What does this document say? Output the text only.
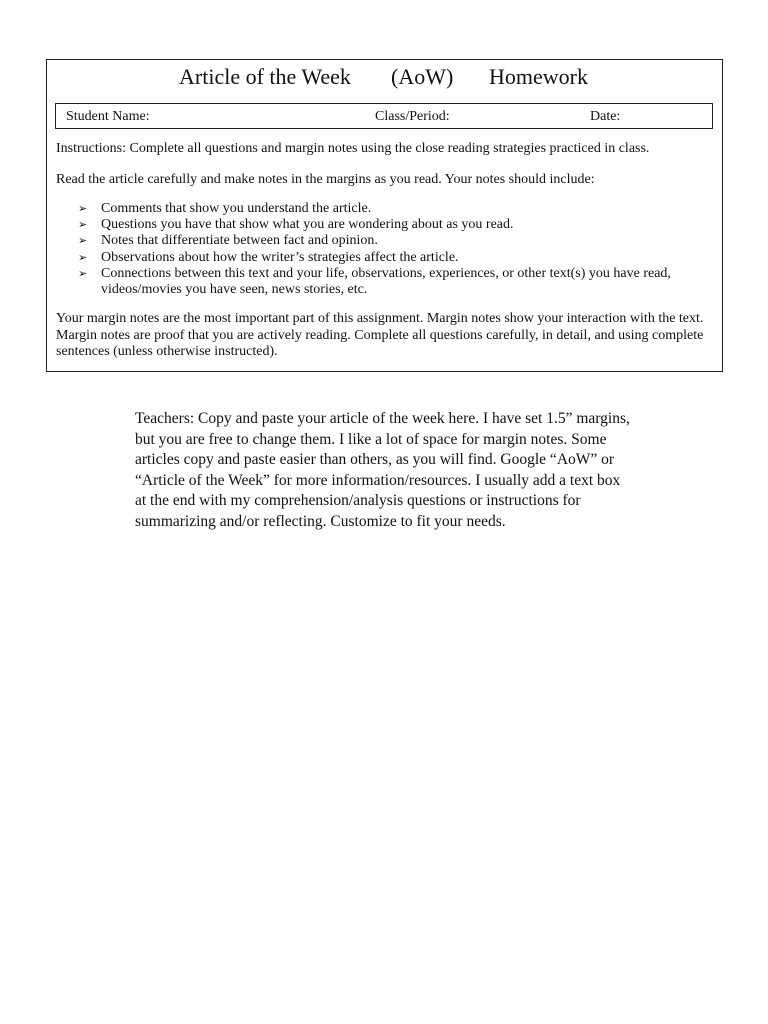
Article of the Week (AoW) Homework
Student Name:	Class/Period:	Date:

Instructions: Complete all questions and margin notes using the close reading strategies practiced in class.

Read the article carefully and make notes in the margins as you read. Your notes should include:

➢ Comments that show you understand the article.
➢ Questions you have that show what you are wondering about as you read.
➢ Notes that differentiate between fact and opinion.
➢ Observations about how the writer’s strategies affect the article.
➢ Connections between this text and your life, observations, experiences, or other text(s) you have read, videos/movies you have seen, news stories, etc.

Your margin notes are the most important part of this assignment. Margin notes show your interaction with the text. Margin notes are proof that you are actively reading. Complete all questions carefully, in detail, and using complete sentences (unless otherwise instructed).

Teachers: Copy and paste your article of the week here. I have set 1.5” margins, but you are free to change them. I like a lot of space for margin notes. Some articles copy and paste easier than others, as you will find. Google “AoW” or “Article of the Week” for more information/resources. I usually add a text box at the end with my comprehension/analysis questions or instructions for summarizing and/or reflecting. Customize to fit your needs.
